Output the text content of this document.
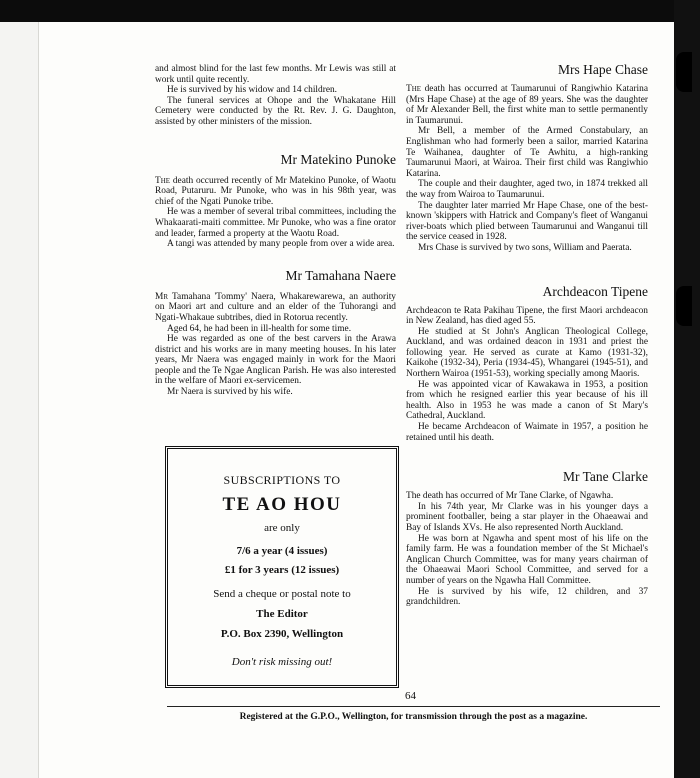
and almost blind for the last few months. Mr Lewis was still at work until quite recently.

He is survived by his widow and 14 children.

The funeral services at Ohope and the Whakatane Hill Cemetery were conducted by the Rt. Rev. J. G. Daughton, assisted by other ministers of the mission.

Mr Matekino Punoke

The death occurred recently of Mr Matekino Punoke, of Waotu Road, Putaruru. Mr Punoke, who was in his 98th year, was chief of the Ngati Punoke tribe.

He was a member of several tribal committees, including the Whakaarati-maiti committee. Mr Punoke, who was a fine orator and leader, farmed a property at the Waotu Road.

A tangi was attended by many people from over a wide area.

Mr Tamahana Naere

Mr Tamahana 'Tommy' Naera, Whakarewarewa, an authority on Maori art and culture and an elder of the Tuhorangi and Ngati-Whakaue subtribes, died in Rotorua recently.

Aged 64, he had been in ill-health for some time.

He was regarded as one of the best carvers in the Arawa district and his works are in many meeting houses. In his later years, Mr Naera was engaged mainly in work for the Maori people and the Te Ngae Anglican Parish. He was also interested in the welfare of Maori ex-servicemen.

Mr Naera is survived by his wife.

SUBSCRIPTIONS TO
TE AO HOU
are only
7/6 a year (4 issues)
£1 for 3 years (12 issues)
Send a cheque or postal note to
The Editor
P.O. Box 2390, Wellington
Don't risk missing out!

Mrs Hape Chase

The death has occurred at Taumarunui of Rangiwhio Katarina (Mrs Hape Chase) at the age of 89 years. She was the daughter of Mr Alexander Bell, the first white man to settle permanently in Taumarunui.

Mr Bell, a member of the Armed Constabulary, an Englishman who had formerly been a sailor, married Katarina Te Waihanea, daughter of Te Awhitu, a high-ranking Taumarunui Maori, at Wairoa. Their first child was Rangiwhio Katarina.

The couple and their daughter, aged two, in 1874 trekked all the way from Wairoa to Taumarunui.

The daughter later married Mr Hape Chase, one of the best-known 'skippers with Hatrick and Company's fleet of Wanganui river-boats which plied between Taumarunui and Wanganui till the service ceased in 1928.

Mrs Chase is survived by two sons, William and Paerata.

Archdeacon Tipene

Archdeacon te Rata Pakihau Tipene, the first Maori archdeacon in New Zealand, has died aged 55.

He studied at St John's Anglican Theological College, Auckland, and was ordained deacon in 1931 and priest the following year. He served as curate at Kamo (1931-32), Kaikohe (1932-34), Peria (1934-45), Whangarei (1945-51), and Northern Wairoa (1951-53), working specially among Maoris.

He was appointed vicar of Kawakawa in 1953, a position from which he resigned earlier this year because of his ill health. Also in 1953 he was made a canon of St Mary's Cathedral, Auckland.

He became Archdeacon of Waimate in 1957, a position he retained until his death.

Mr Tane Clarke

The death has occurred of Mr Tane Clarke, of Ngawha.

In his 74th year, Mr Clarke was in his younger days a prominent footballer, being a star player in the Ohaeawai and Bay of Islands XVs. He also represented North Auckland.

He was born at Ngawha and spent most of his life on the family farm. He was a foundation member of the St Michael's Anglican Church Committee, was for many years chairman of the Ohaeawai Maori School Committee, and served for a number of years on the Ngawha Hall Committee.

He is survived by his wife, 12 children, and 37 grandchildren.

64
Registered at the G.P.O., Wellington, for transmission through the post as a magazine.
